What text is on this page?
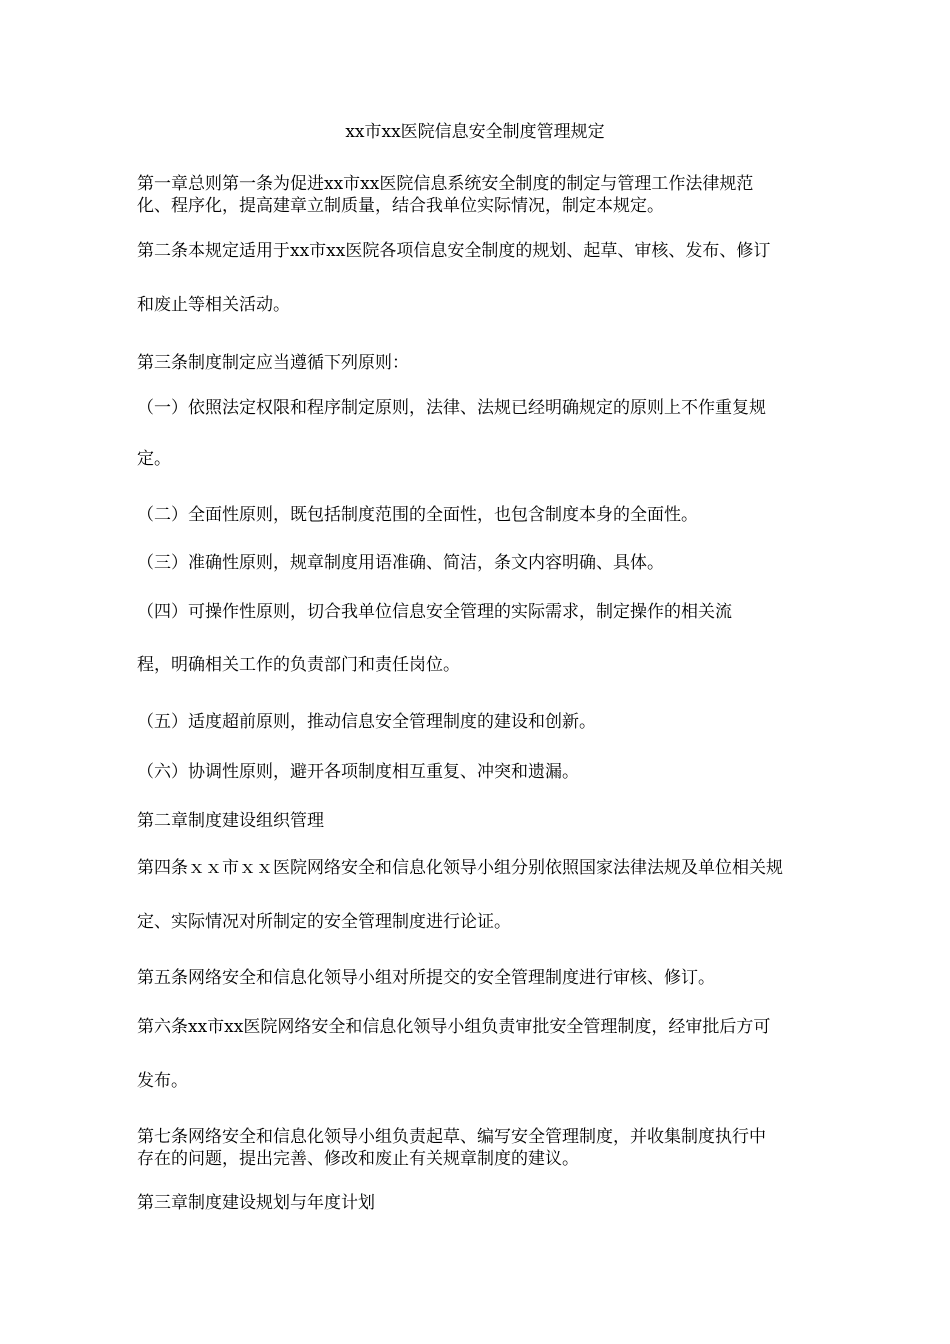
xx市xx医院信息安全制度管理规定
第一章总则第一条为促进xx市xx医院信息系统安全制度的制定与管理工作法律规范
化、程序化，提高建章立制质量，结合我单位实际情况，制定本规定。
第二条本规定适用于xx市xx医院各项信息安全制度的规划、起草、审核、发布、修订
和废止等相关活动。
第三条制度制定应当遵循下列原则：
（一）依照法定权限和程序制定原则，法律、法规已经明确规定的原则上不作重复规
定。
（二）全面性原则，既包括制度范围的全面性，也包含制度本身的全面性。
（三）准确性原则，规章制度用语准确、简洁，条文内容明确、具体。
（四）可操作性原则，切合我单位信息安全管理的实际需求，制定操作的相关流
程，明确相关工作的负责部门和责任岗位。
（五）适度超前原则，推动信息安全管理制度的建设和创新。
（六）协调性原则，避开各项制度相互重复、冲突和遗漏。
第二章制度建设组织管理
第四条ｘｘ市ｘｘ医院网络安全和信息化领导小组分别依照国家法律法规及单位相关规
定、实际情况对所制定的安全管理制度进行论证。
第五条网络安全和信息化领导小组对所提交的安全管理制度进行审核、修订。
第六条xx市xx医院网络安全和信息化领导小组负责审批安全管理制度，经审批后方可
发布。
第七条网络安全和信息化领导小组负责起草、编写安全管理制度，并收集制度执行中
存在的问题，提出完善、修改和废止有关规章制度的建议。
第三章制度建设规划与年度计划
